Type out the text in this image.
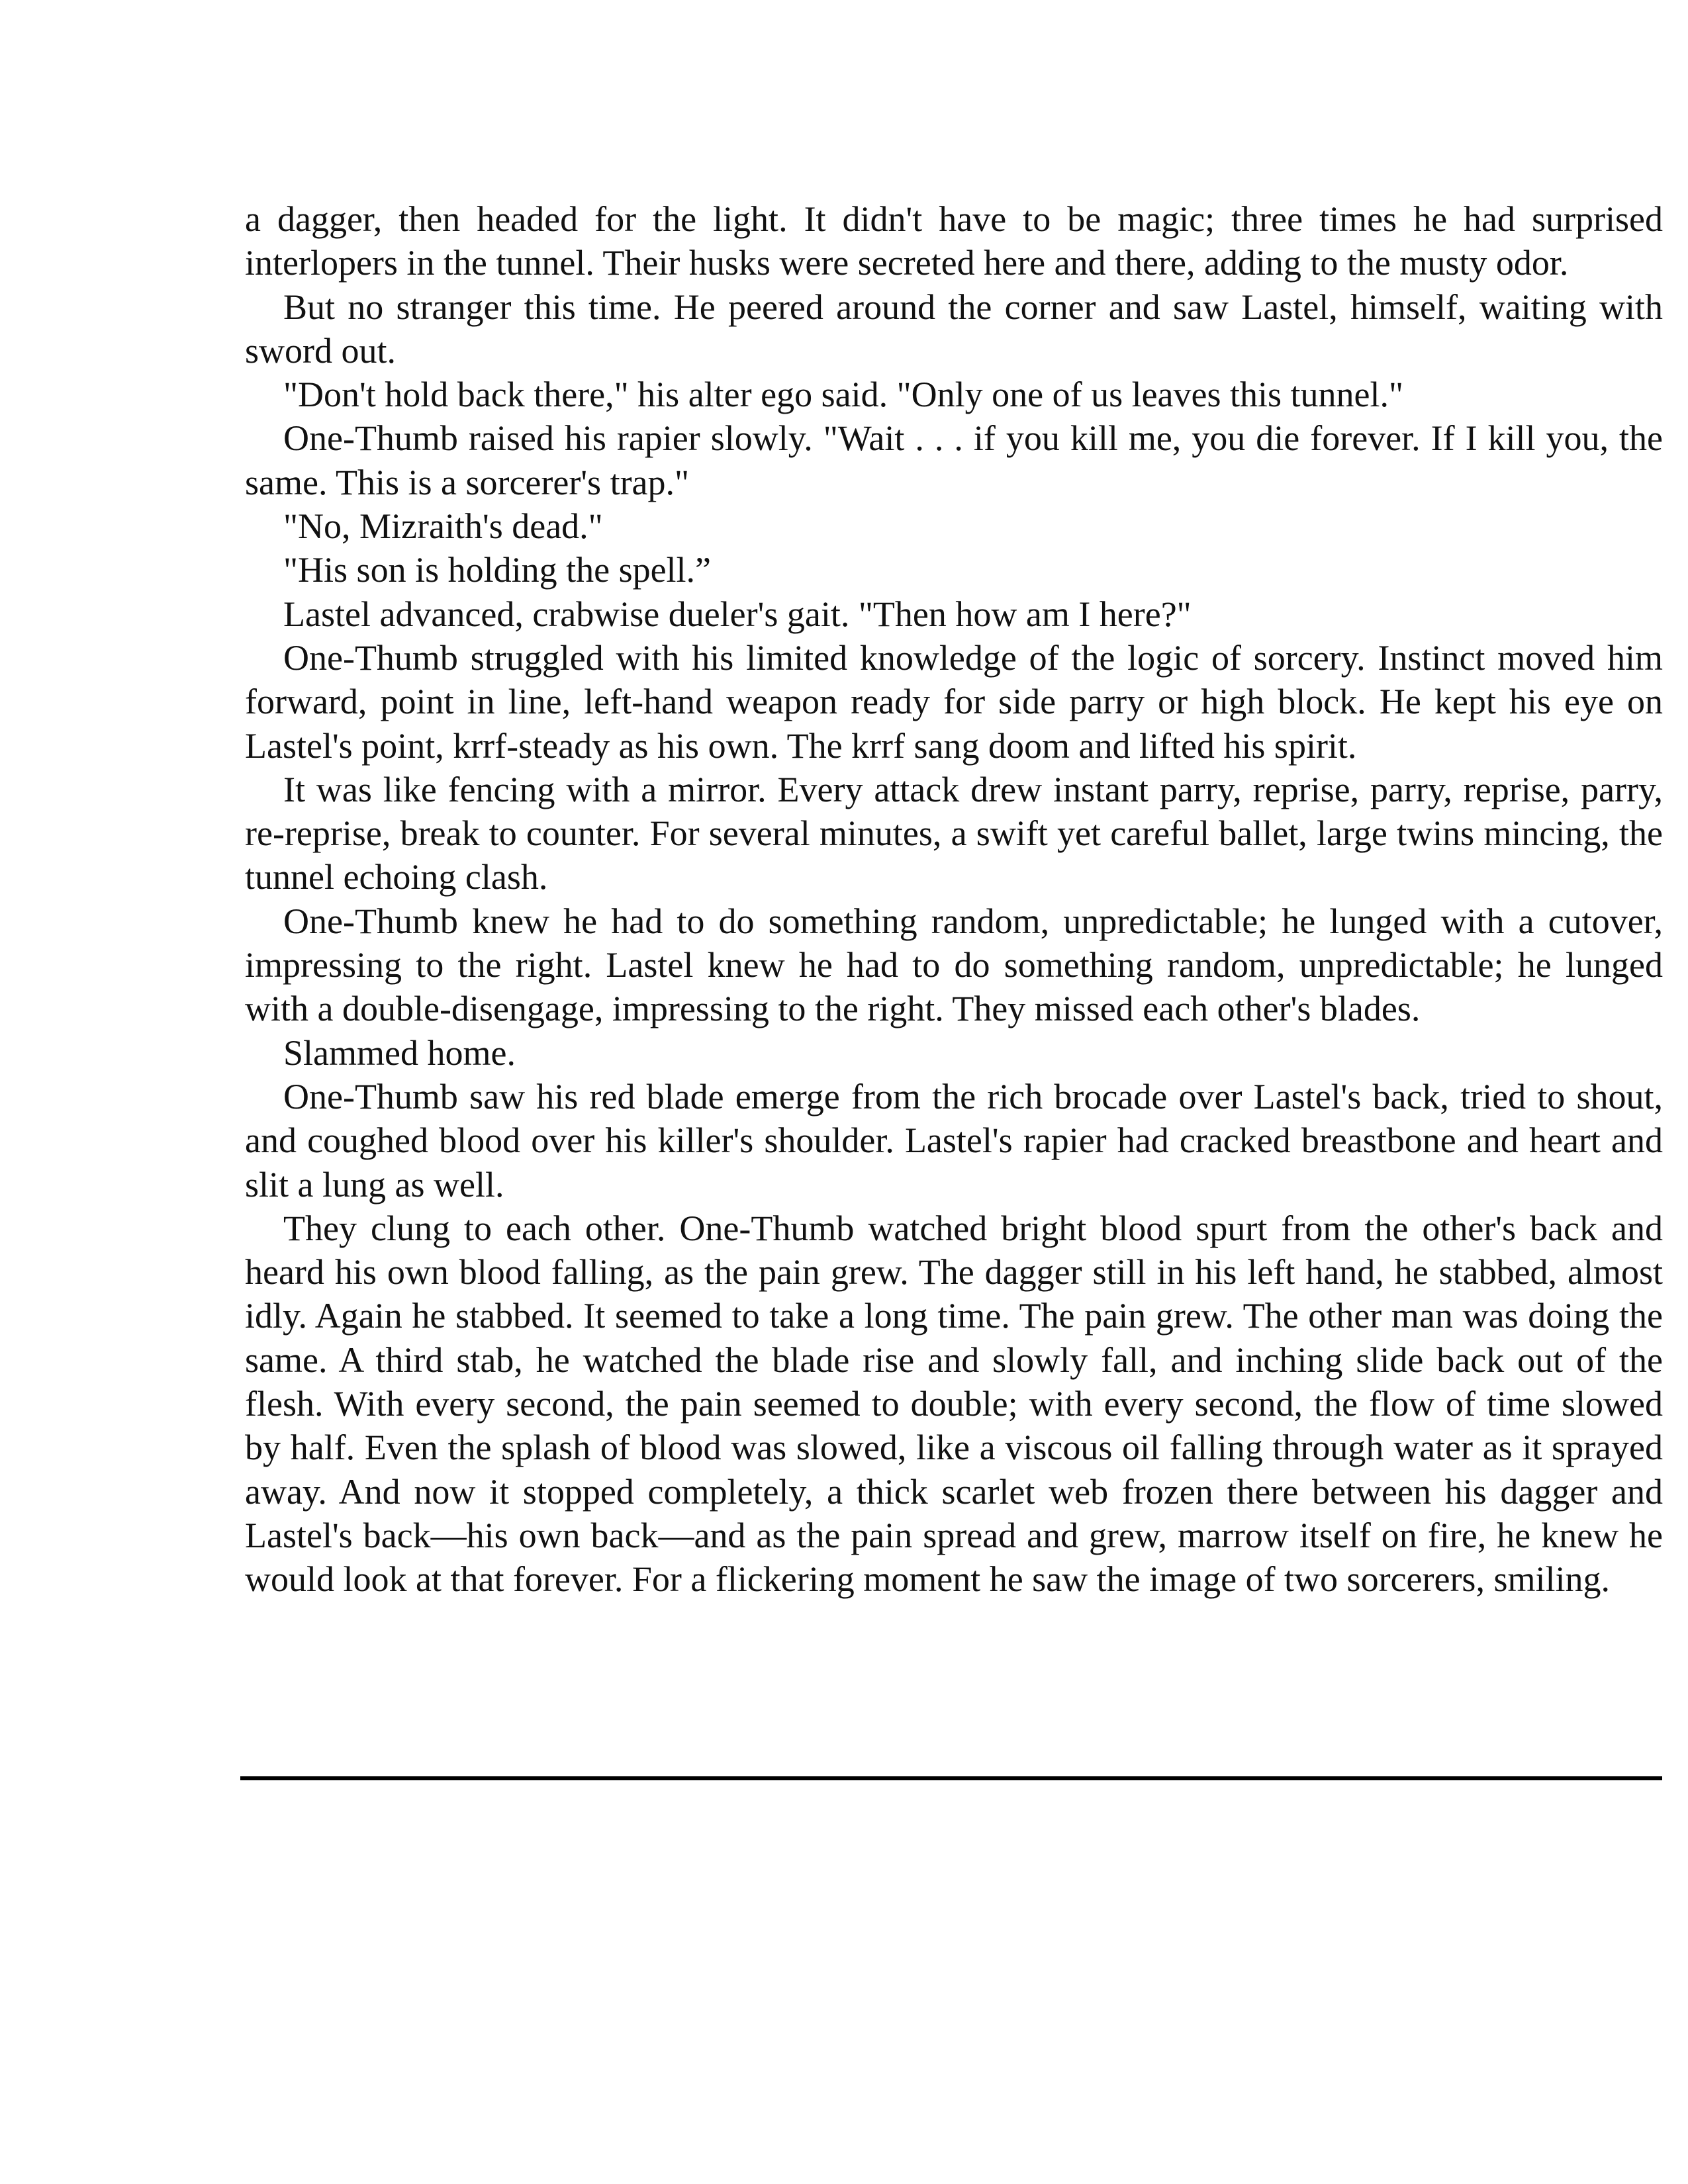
a dagger, then headed for the light. It didn't have to be magic; three times he had surprised interlopers in the tunnel. Their husks were secreted here and there, adding to the musty odor.

But no stranger this time. He peered around the corner and saw Lastel, himself, waiting with sword out.

"Don't hold back there," his alter ego said. "Only one of us leaves this tunnel."

One-Thumb raised his rapier slowly. "Wait . . . if you kill me, you die forever. If I kill you, the same. This is a sorcerer's trap."

"No, Mizraith's dead."

"His son is holding the spell.”

Lastel advanced, crabwise dueler's gait. "Then how am I here?"

One-Thumb struggled with his limited knowledge of the logic of sorcery. Instinct moved him forward, point in line, left-hand weapon ready for side parry or high block. He kept his eye on Lastel's point, krrf-steady as his own. The krrf sang doom and lifted his spirit.

It was like fencing with a mirror. Every attack drew instant parry, reprise, parry, reprise, parry, re-reprise, break to counter. For several minutes, a swift yet careful ballet, large twins mincing, the tunnel echoing clash.

One-Thumb knew he had to do something random, unpredictable; he lunged with a cutover, impressing to the right. Lastel knew he had to do something random, unpredictable; he lunged with a double-disengage, impressing to the right. They missed each other's blades.

Slammed home.

One-Thumb saw his red blade emerge from the rich brocade over Lastel's back, tried to shout, and coughed blood over his killer's shoulder. Lastel's rapier had cracked breastbone and heart and slit a lung as well.

They clung to each other. One-Thumb watched bright blood spurt from the other's back and heard his own blood falling, as the pain grew. The dagger still in his left hand, he stabbed, almost idly. Again he stabbed. It seemed to take a long time. The pain grew. The other man was doing the same. A third stab, he watched the blade rise and slowly fall, and inching slide back out of the flesh. With every second, the pain seemed to double; with every second, the flow of time slowed by half. Even the splash of blood was slowed, like a viscous oil falling through water as it sprayed away. And now it stopped completely, a thick scarlet web frozen there between his dagger and Lastel's back—his own back—and as the pain spread and grew, marrow itself on fire, he knew he would look at that forever. For a flickering moment he saw the image of two sorcerers, smiling.
